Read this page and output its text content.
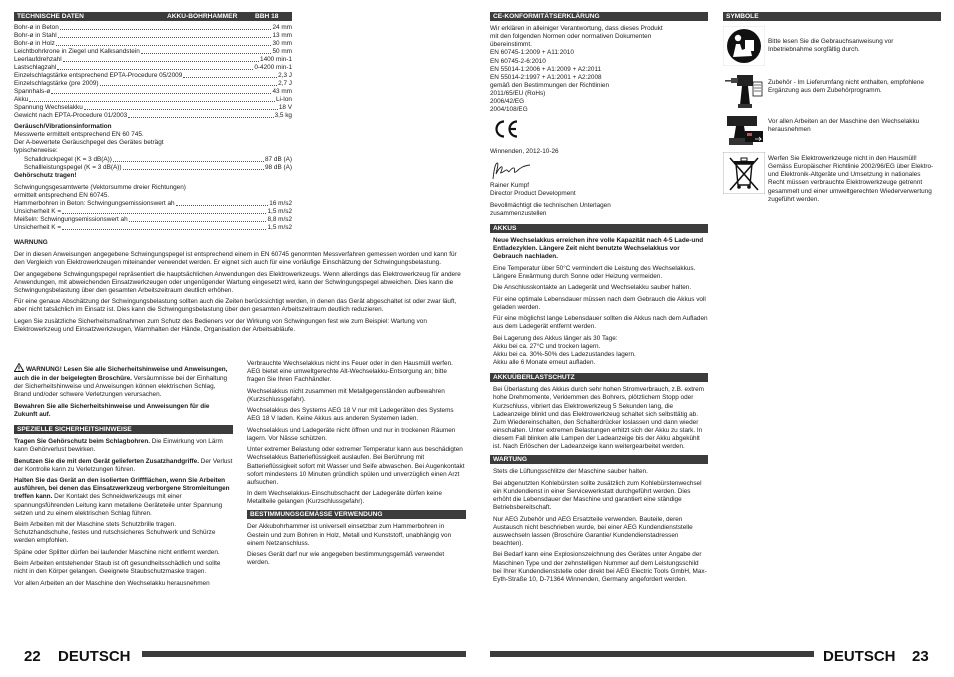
TECHNISCHE DATEN	AKKU-BOHRHAMMER	BBH 18
Bohr-ø in Beton	24 mm
Bohr-ø in Stahl	13 mm
Bohr-ø in Holz	30 mm
Leichtbohrkrone in Ziegel und Kalksandstein	50 mm
Leerlaufdrehzahl	1400 min-1
Lastschlagzahl	0-4200 min-1
Einzelschlagstärke entsprechend EPTA-Procedure 05/2009	2,3 J
Einzelschlagstärke (pre 2009)	2,7 J
Spannhals-ø	43 mm
Akku	Li-Ion
Spannung Wechselakku	18 V
Gewicht nach EPTA-Procedure 01/2003	3,5 kg
Geräusch/Vibrationsinformation
Messwerte ermittelt entsprechend EN 60 745.
Der A-bewertete Geräuschpegel des Gerätes beträgt
typischerweise:
Schalldruckpegel (K = 3 dB(A))	87 dB (A)
Schallleistungspegel (K = 3 dB(A))	98 dB (A)
Gehörschutz tragen!
Schwingungsgesamtwerte (Vektorsumme dreier Richtungen)
ermittelt entsprechend EN 60745.
Hammerbohren in Beton: Schwingungsemissionswert ah	16 m/s2
Unsicherheit K =	1,5 m/s2
Meißeln: Schwingungsemissionswert ah	8,8 m/s2
Unsicherheit K =	1,5 m/s2
WARNUNG

Der in diesen Anweisungen angegebene Schwingungspegel ist entsprechend einem in EN 60745 genormten Messverfahren gemessen worden und kann für den Vergleich von Elektrowerkzeugen miteinander verwendet werden. Er eignet sich auch für eine vorläufige Einschätzung der Schwingungsbelastung.

Der angegebene Schwingungspegel repräsentiert die hauptsächlichen Anwendungen des Elektrowerkzeugs. Wenn allerdings das Elektrowerkzeug für andere Anwendungen, mit abweichenden Einsatzwerkzeugen oder ungenügender Wartung eingesetzt wird, kann der Schwingungspegel abweichen. Dies kann die Schwingungsbelastung über den gesamten Arbeitszeitraum deutlich erhöhen.

Für eine genaue Abschätzung der Schwingungsbelastung sollten auch die Zeiten berücksichtigt werden, in denen das Gerät abgeschaltet ist oder zwar läuft, aber nicht tatsächlich im Einsatz ist. Dies kann die Schwingungsbelastung über den gesamten Arbeitszeitraum deutlich reduzieren.

Legen Sie zusätzliche Sicherheitsmaßnahmen zum Schutz des Bedieners vor der Wirkung von Schwingungen fest wie zum Beispiel: Wartung von Elektrowerkzeug und Einsatzwerkzeugen, Warmhalten der Hände, Organisation der Arbeitsabläufe.

WARNUNG! Lesen Sie alle Sicherheitshinweise und Anweisungen, auch die in der beigelegten Broschüre. Versäumnisse bei der Einhaltung der Sicherheitshinweise und Anweisungen können elektrischen Schlag, Brand und/oder schwere Verletzungen verursachen.

Bewahren Sie alle Sicherheitshinweise und Anweisungen für die Zukunft auf.

SPEZIELLE SICHERHEITSHINWEISE

Tragen Sie Gehörschutz beim Schlagbohren. Die Einwirkung von Lärm kann Gehörverlust bewirken.

Benutzen Sie die mit dem Gerät gelieferten Zusatzhandgriffe. Der Verlust der Kontrolle kann zu Verletzungen führen.

Halten Sie das Gerät an den isolierten Griffflächen, wenn Sie Arbeiten ausführen, bei denen das Einsatzwerkzeug verborgene Stromleitungen treffen kann. Der Kontakt des Schneidwerkzeugs mit einer spannungsführenden Leitung kann metallene Geräteteile unter Spannung setzen und zu einem elektrischen Schlag führen.

Beim Arbeiten mit der Maschine stets Schutzbrille tragen. Schutzhandschuhe, festes und rutschsicheres Schuhwerk und Schürze werden empfohlen.

Späne oder Splitter dürfen bei laufender Maschine nicht entfernt werden.

Beim Arbeiten entstehender Staub ist oft gesundheitsschädlich und sollte nicht in den Körper gelangen. Geeignete Staubschutzmaske tragen.

Vor allen Arbeiten an der Maschine den Wechselakku herausnehmen

Verbrauchte Wechselakkus nicht ins Feuer oder in den Hausmüll werfen. AEG bietet eine umweltgerechte Alt-Wechselakku-Entsorgung an; bitte fragen Sie Ihren Fachhändler.

Wechselakkus nicht zusammen mit Metallgegenständen aufbewahren (Kurzschlussgefahr).

Wechselakkus des Systems AEG 18 V nur mit Ladegeräten des Systems AEG 18 V laden. Keine Akkus aus anderen Systemen laden.

Wechselakkus und Ladegeräte nicht öffnen und nur in trockenen Räumen lagern. Vor Nässe schützen.

Unter extremer Belastung oder extremer Temperatur kann aus beschädigten Wechselakkus Batterieflüssigkeit auslaufen. Bei Berührung mit Batterieflüssigkeit sofort mit Wasser und Seife abwaschen. Bei Augenkontakt sofort mindestens 10 Minuten gründlich spülen und unverzüglich einen Arzt aufsuchen.

In dem Wechselakkus-Einschubschacht der Ladegeräte dürfen keine Metallteile gelangen (Kurzschlussgefahr).

BESTIMMUNGSGEMÄSSE VERWENDUNG

Der Akkubohrhammer ist universell einsetzbar zum Hammerbohren in Gestein und zum Bohren in Holz, Metall und Kunststoff, unabhängig von einem Netzanschluss.

Dieses Gerät darf nur wie angegeben bestimmungsgemäß verwendet werden.

22 DEUTSCH
CE-KONFORMITÄTSERKLÄRUNG
Wir erklären in alleiniger Verantwortung, dass dieses Produkt
mit den folgenden Normen oder normativen Dokumenten
übereinstimmt.
EN 60745-1:2009 + A11:2010
EN 60745-2-6:2010
EN 55014-1:2006 + A1:2009 + A2:2011
EN 55014-2:1997 + A1:2001 + A2:2008
gemäß den Bestimmungen der Richtlinien
2011/65/EU (RoHs)
2006/42/EG
2004/108/EG
Winnenden, 2012-10-26
Rainer Kumpf
Director Product Development
Bevollmächtigt die technischen Unterlagen
zusammenzustellen
AKKUS

Neue Wechselakkus erreichen ihre volle Kapazität nach 4-5 Lade-und Entladezyklen. Längere Zeit nicht benutzte Wechselakkus vor Gebrauch nachladen.

Eine Temperatur über 50°C vermindert die Leistung des Wechselakkus. Längere Erwärmung durch Sonne oder Heizung vermeiden.

Die Anschlusskontakte an Ladegerät und Wechselakku sauber halten.

Für eine optimale Lebensdauer müssen nach dem Gebrauch die Akkus voll geladen werden.

Für eine möglichst lange Lebensdauer sollten die Akkus nach dem Aufladen aus dem Ladegerät entfernt werden.

Bei Lagerung des Akkus länger als 30 Tage:
Akku bei ca. 27°C und trocken lagern.
Akku bei ca. 30%-50% des Ladezustandes lagern.
Akku alle 6 Monate erneut aufladen.
AKKUÜBERLASTSCHUTZ

Bei Überlastung des Akkus durch sehr hohen Stromverbrauch, z.B. extrem hohe Drehmomente, Verklemmen des Bohrers, plötzlichem Stopp oder Kurzschluss, vibriert das Elektrowerkzeug 5 Sekunden lang, die Ladeanzeige blinkt und das Elektrowerkzeug schaltet sich selbsttätig ab. Zum Wiedereinschalten, den Schalterdrücker loslassen und dann wieder einschalten. Unter extremen Belastungen erhitzt sich der Akku zu stark. In diesem Fall blinken alle Lampen der Ladeanzeige bis der Akku abgekühlt ist. Nach Erlöschen der Ladeanzeige kann weitergearbeitet werden.

WARTUNG

Stets die Lüftungsschlitze der Maschine sauber halten.

Bei abgenutzten Kohlebürsten sollte zusätzlich zum Kohlebürstenwechsel ein Kundendienst in einer Servicewerkstatt durchgeführt werden. Dies erhöht die Lebensdauer der Maschine und garantiert eine ständige Betriebsbereitschaft.

Nur AEG Zubehör und AEG Ersatzteile verwenden. Bauteile, deren Austausch nicht beschrieben wurde, bei einer AEG Kundendienststelle auswechseln lassen (Broschüre Garantie/ Kundendienstadressen beachten).

Bei Bedarf kann eine Explosionszeichnung des Gerätes unter Angabe der Maschinen Type und der zehnstelligen Nummer auf dem Leistungsschild bei Ihrer Kundendienststelle oder direkt bei AEG Electric Tools GmbH, Max-Eyth-Straße 10, D-71364 Winnenden, Germany angefordert werden.

SYMBOLE
Bitte lesen Sie die Gebrauchsanweisung vor Inbetriebnahme sorgfältig durch.
Zubehör - Im Lieferumfang nicht enthalten, empfohlene Ergänzung aus dem Zubehörprogramm.
Vor allen Arbeiten an der Maschine den Wechselakku herausnehmen
Werfen Sie Elektrowerkzeuge nicht in den Hausmüll! Gemäss Europäischer Richtlinie 2002/96/EG über Elektro- und Elektronik-Altgeräte und Umsetzung in nationales Recht müssen verbrauchte Elektrowerkzeuge getrennt gesammelt und einer umweltgerechten Wiederverwertung zugeführt werden.
DEUTSCH 23
